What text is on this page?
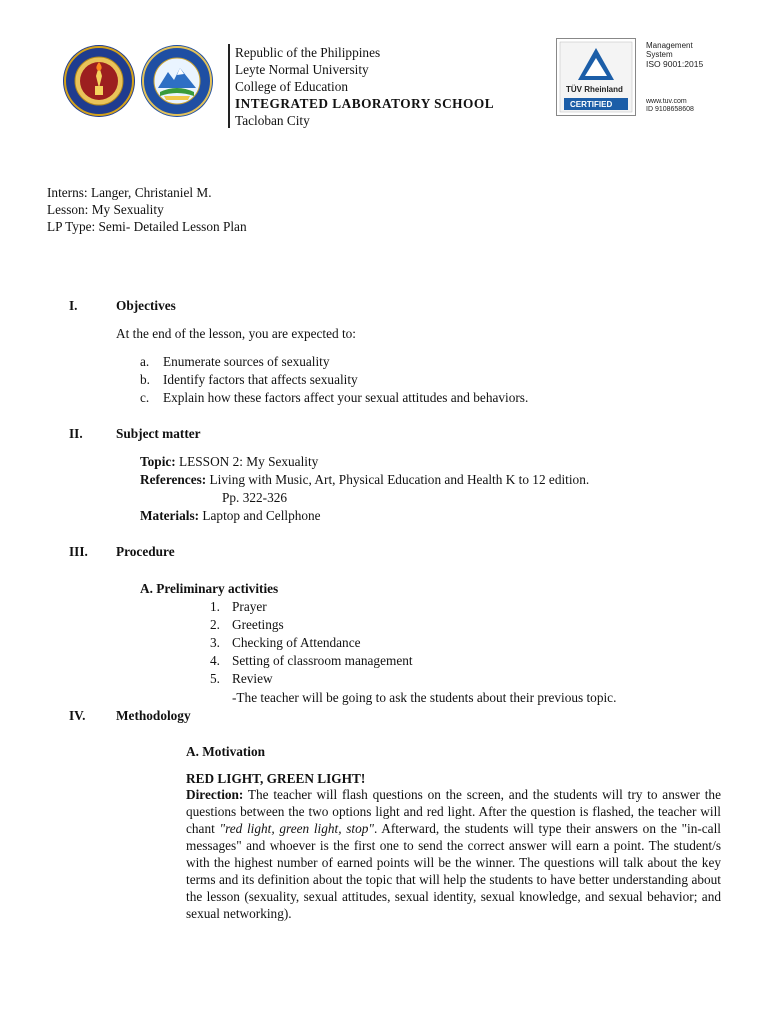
Republic of the Philippines
Leyte Normal University
College of Education
INTEGRATED LABORATORY SCHOOL
Tacloban City
TÜV Rheinland
CERTIFIED
Management
System
ISO 9001:2015
www.tuv.com
ID 9108658608
Interns: Langer, Christaniel M.
Lesson: My Sexuality
LP Type: Semi- Detailed Lesson Plan
I.	Objectives
At the end of the lesson, you are expected to:
a. Enumerate sources of sexuality
b. Identify factors that affects sexuality
c. Explain how these factors affect your sexual attitudes and behaviors.
II.	Subject matter
Topic: LESSON 2: My Sexuality
References: Living with Music, Art, Physical Education and Health K to 12 edition.
Pp. 322-326
Materials: Laptop and Cellphone
III. Procedure
A. Preliminary activities
1. Prayer
2. Greetings
3. Checking of Attendance
4. Setting of classroom management
5. Review
-The teacher will be going to ask the students about their previous topic.
IV. Methodology
A. Motivation
RED LIGHT, GREEN LIGHT!
Direction: The teacher will flash questions on the screen, and the students will try to answer the questions between the two options light and red light. After the question is flashed, the teacher will chant "red light, green light, stop". Afterward, the students will type their answers on the "in-call messages" and whoever is the first one to send the correct answer will earn a point. The student/s with the highest number of earned points will be the winner. The questions will talk about the key terms and its definition about the topic that will help the students to have better understanding about the lesson (sexuality, sexual attitudes, sexual identity, sexual knowledge, and sexual behavior; and sexual networking).
